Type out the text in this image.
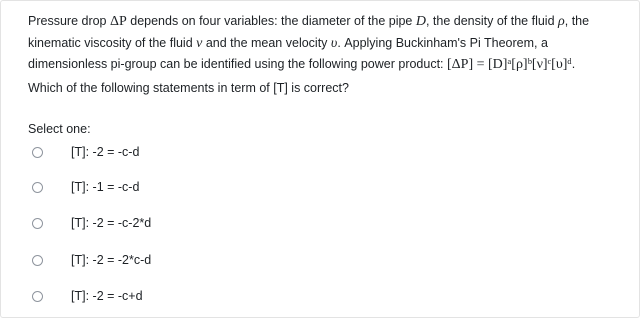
Pressure drop ΔP depends on four variables: the diameter of the pipe D, the density of the fluid ρ, the
kinematic viscosity of the fluid ν and the mean velocity υ. Applying Buckinham's Pi Theorem, a
dimensionless pi-group can be identified using the following power product: [ΔP] = [D]ᵃ[ρ]ᵇ[ν]ᶜ[υ]ᵈ.
Which of the following statements in term of [T] is correct?
Select one:
[T]: -2 = -c-d
[T]: -1 = -c-d
[T]: -2 = -c-2*d
[T]: -2 = -2*c-d
[T]: -2 = -c+d
